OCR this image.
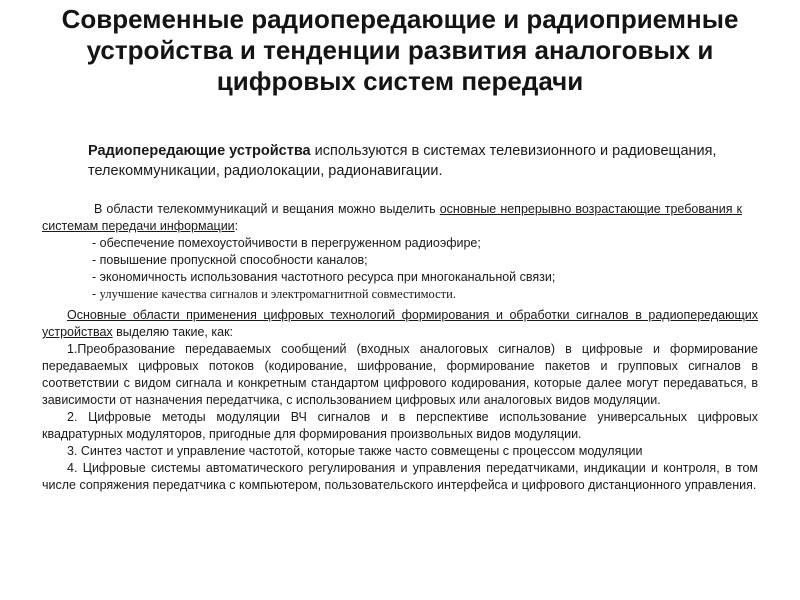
Современные радиопередающие и радиоприемные устройства и тенденции развития аналоговых и цифровых систем передачи
Радиопередающие устройства используются в системах телевизионного и радиовещания, телекоммуникации, радиолокации, радионавигации.

В области телекоммуникаций и вещания можно выделить основные непрерывно возрастающие требования к системам передачи информации:

- обеспечение помехоустойчивости в перегруженном радиоэфире;

- повышение пропускной способности каналов;

- экономичность использования частотного ресурса при многоканальной связи;

- улучшение качества сигналов и электромагнитной совместимости.

Основные области применения цифровых технологий формирования и обработки сигналов в радиопередающих устройствах выделяю такие, как:

1.Преобразование передаваемых сообщений (входных аналоговых сигналов) в цифровые и формирование передаваемых цифровых потоков (кодирование, шифрование, формирование пакетов и групповых сигналов в соответствии с видом сигнала и конкретным стандартом цифрового кодирования, которые далее могут передаваться, в зависимости от назначения передатчика, с использованием цифровых или аналоговых видов модуляции.

2. Цифровые методы модуляции ВЧ сигналов и в перспективе использование универсальных цифровых квадратурных модуляторов, пригодные для формирования произвольных видов модуляции.

3. Синтез частот и управление частотой, которые также часто совмещены с процессом модуляции

4. Цифровые системы автоматического регулирования и управления передатчиками, индикации и контроля, в том числе сопряжения передатчика с компьютером, пользовательского интерфейса и цифрового дистанционного управления.
